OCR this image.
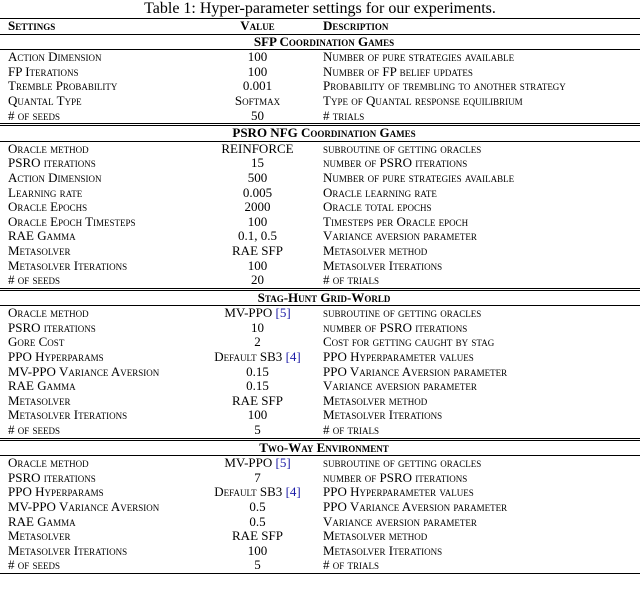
Table 1: Hyper-parameter settings for our experiments.
Settings	Value	Description
SFP Coordination Games		
Action Dimension	100	Number of pure strategies available
FP Iterations	100	Number of FP belief updates
Tremble Probability	0.001	Probability of trembling to another strategy
Quantal Type	Softmax	Type of Quantal response equilibrium
# of seeds	50	# trials
PSRO NFG Coordination Games		
Oracle method	REINFORCE	subroutine of getting oracles
PSRO iterations	15	number of PSRO iterations
Action Dimension	500	Number of pure strategies available
Learning rate	0.005	Oracle learning rate
Oracle Epochs	2000	Oracle total epochs
Oracle Epoch Timesteps	100	Timesteps per Oracle epoch
RAE Gamma	0.1, 0.5	Variance aversion parameter
Metasolver	RAE SFP	Metasolver method
Metasolver Iterations	100	Metasolver Iterations
# of seeds	20	# of trials
Stag-Hunt Grid-World		
Oracle method	MV-PPO [5]	subroutine of getting oracles
PSRO iterations	10	number of PSRO iterations
Gore Cost	2	Cost for getting caught by stag
PPO Hyperparams	Default SB3 [4]	PPO Hyperparameter values
MV-PPO Variance Aversion	0.15	PPO Variance Aversion parameter
RAE Gamma	0.15	Variance aversion parameter
Metasolver	RAE SFP	Metasolver method
Metasolver Iterations	100	Metasolver Iterations
# of seeds	5	# of trials
Two-Way Environment		
Oracle method	MV-PPO [5]	subroutine of getting oracles
PSRO iterations	7	number of PSRO iterations
PPO Hyperparams	Default SB3 [4]	PPO Hyperparameter values
MV-PPO Variance Aversion	0.5	PPO Variance Aversion parameter
RAE Gamma	0.5	Variance aversion parameter
Metasolver	RAE SFP	Metasolver method
Metasolver Iterations	100	Metasolver Iterations
# of seeds	5	# of trials
